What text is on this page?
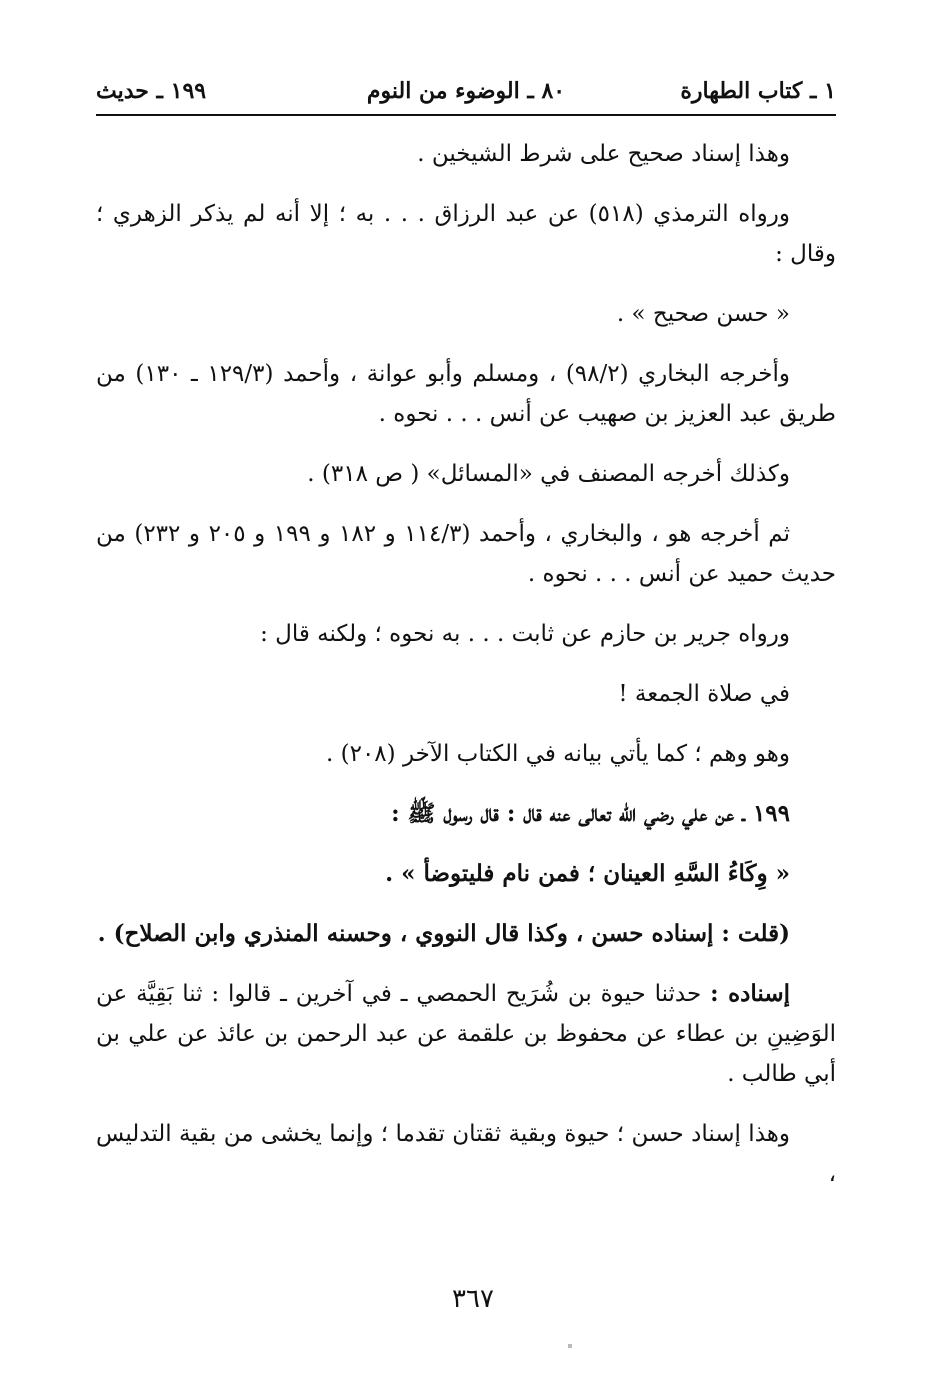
١ ـ كتاب الطهارة
٨٠ ـ الوضوء من النوم
١٩٩ ـ حديث

وهذا إسناد صحيح على شرط الشيخين .

ورواه الترمذي (٥١٨) عن عبد الرزاق . . . به ؛ إلا أنه لم يذكر الزهري ؛ وقال :

« حسن صحيح » .

وأخرجه البخاري (٩٨/٢) ، ومسلم وأبو عوانة ، وأحمد (١٢٩/٣ ـ ١٣٠) من طريق عبد العزيز بن صهيب عن أنس . . . نحوه .

وكذلك أخرجه المصنف في «المسائل» ( ص ٣١٨) .

ثم أخرجه هو ، والبخاري ، وأحمد (١١٤/٣ و ١٨٢ و ١٩٩ و ٢٠٥ و ٢٣٢) من حديث حميد عن أنس . . . نحوه .

ورواه جرير بن حازم عن ثابت . . . به نحوه ؛ ولكنه قال :

في صلاة الجمعة !

وهو وهم ؛ كما يأتي بيانه في الكتاب الآخر (٢٠٨) .

١٩٩ ـ عن علي رضي الله تعالى عنه قال : قال رسول ﷺ :

« وِكَاءُ السَّهِ العينان ؛ فمن نام فليتوضأ » .

(قلت : إسناده حسن ، وكذا قال النووي ، وحسنه المنذري وابن الصلاح) .

إسناده : حدثنا حيوة بن شُرَيح الحمصي ـ في آخرين ـ قالوا : ثنا بَقِيَّة عن الوَضِينِ بن عطاء عن محفوظ بن علقمة عن عبد الرحمن بن عائذ عن علي بن أبي طالب .

وهذا إسناد حسن ؛ حيوة وبقية ثقتان تقدما ؛ وإنما يخشى من بقية التدليس ،

٣٦٧
